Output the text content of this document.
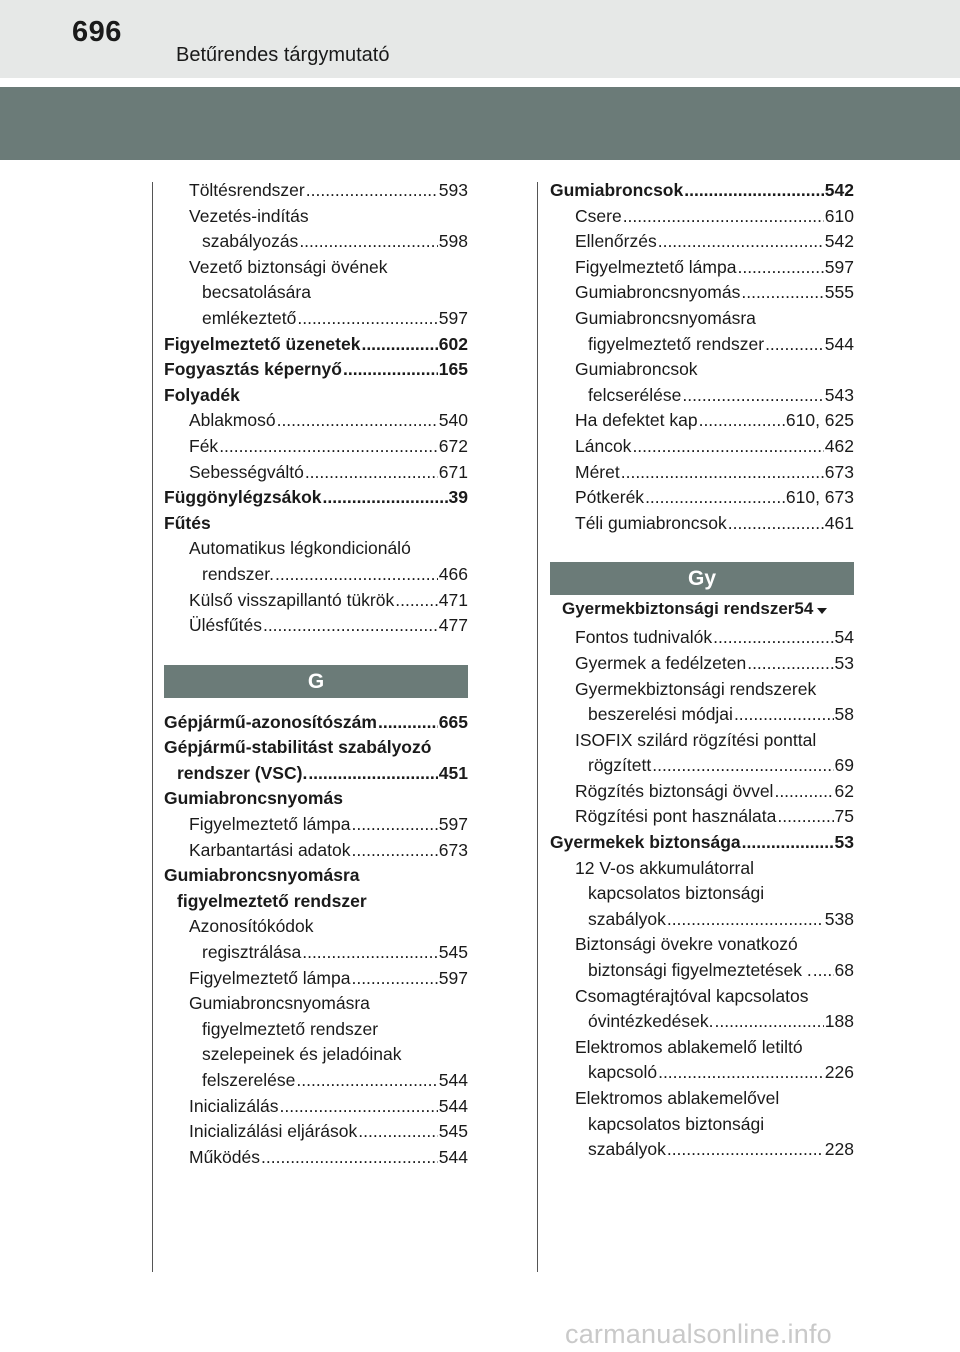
696
Betűrendes tárgymutató
Töltésrendszer .....	593
Vezetés-indítás
szabályozás .....	598
Vezető biztonsági övének
becsatolására
emlékeztető .....	597
Figyelmeztető üzenetek .....	602
Fogyasztás képernyő .....	165
Folyadék
Ablakmosó .....	540
Fék .....	672
Sebességváltó .....	671
Függönylégzsákok .....	39
Fűtés
Automatikus légkondicionáló
rendszer. .....	466
Külső visszapillantó tükrök .....	471
Ülésfűtés .....	477
G
Gépjármű-azonosítószám .....	665
Gépjármű-stabilitást szabályozó
rendszer (VSC). .....	451
Gumiabroncsnyomás
Figyelmeztető lámpa .....	597
Karbantartási adatok .....	673
Gumiabroncsnyomásra
figyelmeztető rendszer
Azonosítókódok
regisztrálása .....	545
Figyelmeztető lámpa .....	597
Gumiabroncsnyomásra
figyelmeztető rendszer
szelepeinek és jeladóinak
felszerelése .....	544
Inicializálás .....	544
Inicializálási eljárások .....	545
Működés .....	544
Gumiabroncsok .....	542
Csere .....	610
Ellenőrzés .....	542
Figyelmeztető lámpa .....	597
Gumiabroncsnyomás .....	555
Gumiabroncsnyomásra
figyelmeztető rendszer .....	544
Gumiabroncsok
felcserélése .....	543
Ha defektet kap .....	610, 625
Láncok .....	462
Méret .....	673
Pótkerék .....	610, 673
Téli gumiabroncsok .....	461
Gy
Gyermekbiztonsági rendszer54
Fontos tudnivalók .....	54
Gyermek a fedélzeten .....	53
Gyermekbiztonsági rendszerek
beszerelési módjai .....	58
ISOFIX szilárd rögzítési ponttal
rögzített .....	69
Rögzítés biztonsági övvel .....	62
Rögzítési pont használata .....	75
Gyermekek biztonsága .....	53
12 V-os akkumulátorral
kapcsolatos biztonsági
szabályok .....	538
Biztonsági övekre vonatkozó
biztonsági figyelmeztetések . ..... 68
Csomagtérajtóval kapcsolatos
óvintézkedések. .....	188
Elektromos ablakemelő letiltó
kapcsoló .....	226
Elektromos ablakemelővel
kapcsolatos biztonsági
szabályok .....	228
carmanualsonline.info
